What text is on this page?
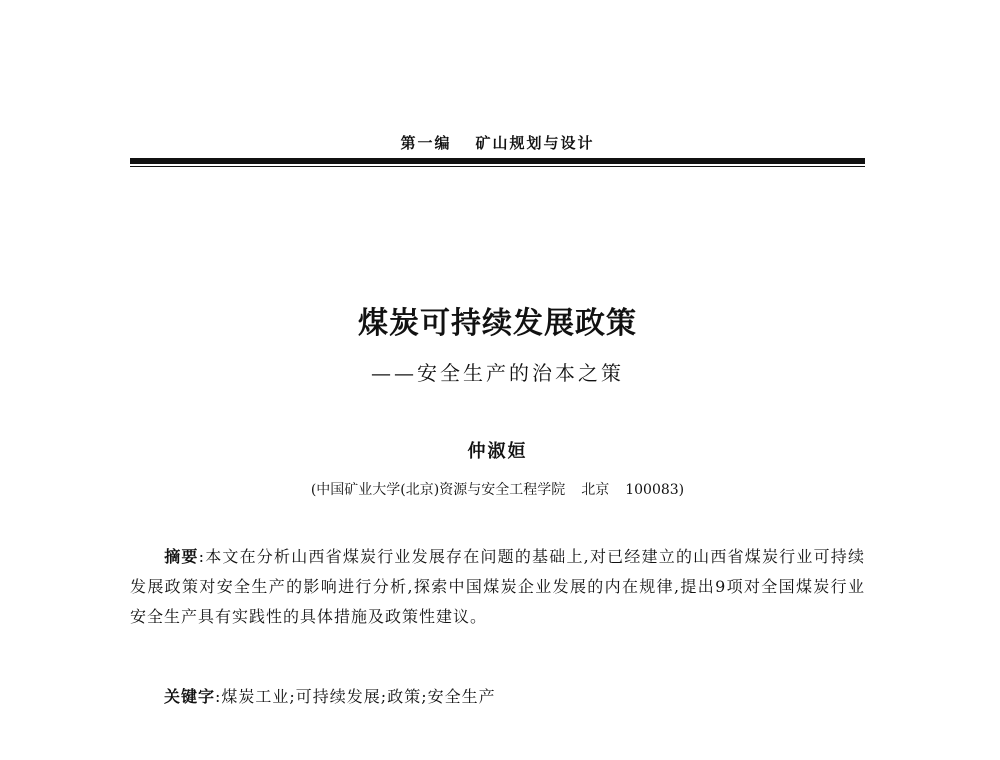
第一编 矿山规划与设计
煤炭可持续发展政策
——安全生产的治本之策
仲淑姮
(中国矿业大学(北京)资源与安全工程学院 北京 100083)

摘要:本文在分析山西省煤炭行业发展存在问题的基础上,对已经建立的山西省煤炭行业可持续发展政策对安全生产的影响进行分析,探索中国煤炭企业发展的内在规律,提出9项对全国煤炭行业安全生产具有实践性的具体措施及政策性建议。

关键字:煤炭工业;可持续发展;政策;安全生产
